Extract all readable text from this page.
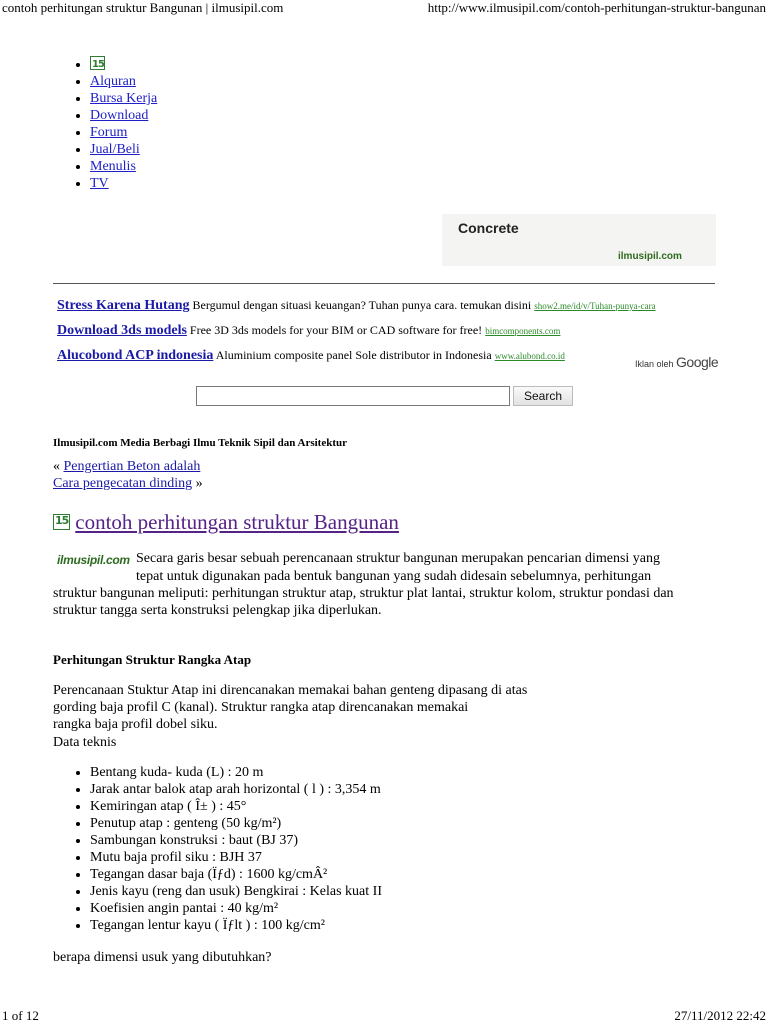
contoh perhitungan struktur Bangunan | ilmusipil.com	http://www.ilmusipil.com/contoh-perhitungan-struktur-bangunan
• 15
• Alquran
• Bursa Kerja
• Download
• Forum
• Jual/Beli
• Menulis
• TV
Concrete
ilmusipil.com
Stress Karena Hutang Bergumul dengan situasi keuangan? Tuhan punya cara. temukan disini show2.me/id/v/Tuhan-punya-cara
Download 3ds models Free 3D 3ds models for your BIM or CAD software for free! bimcomponents.com
Alucobond ACP indonesia Aluminium composite panel Sole distributor in Indonesia www.alubond.co.id
Iklan oleh Google
Search
Ilmusipil.com Media Berbagi Ilmu Teknik Sipil dan Arsitektur
« Pengertian Beton adalah
Cara pengecatan dinding »
15 contoh perhitungan struktur Bangunan
ilmusipil.com Secara garis besar sebuah perencanaan struktur bangunan merupakan pencarian dimensi yang
tepat untuk digunakan pada bentuk bangunan yang sudah didesain sebelumnya, perhitungan
struktur bangunan meliputi: perhitungan struktur atap, struktur plat lantai, struktur kolom, struktur pondasi dan
struktur tangga serta konstruksi pelengkap jika diperlukan.
Perhitungan Struktur Rangka Atap
Perencanaan Stuktur Atap ini direncanakan memakai bahan genteng dipasang di atas
gording baja profil C (kanal). Struktur rangka atap direncanakan memakai
rangka baja profil dobel siku.
Data teknis
• Bentang kuda- kuda (L) : 20 m
• Jarak antar balok atap arah horizontal ( l ) : 3,354 m
• Kemiringan atap ( Î± ) : 45°
• Penutup atap : genteng (50 kg/m²)
• Sambungan konstruksi : baut (BJ 37)
• Mutu baja profil siku : BJH 37
• Tegangan dasar baja (Ïƒd) : 1600 kg/cmÂ²
• Jenis kayu (reng dan usuk) Bengkirai : Kelas kuat II
• Koefisien angin pantai : 40 kg/m²
• Tegangan lentur kayu ( Ïƒlt ) : 100 kg/cm²
berapa dimensi usuk yang dibutuhkan?
1 of 12	27/11/2012 22:42
